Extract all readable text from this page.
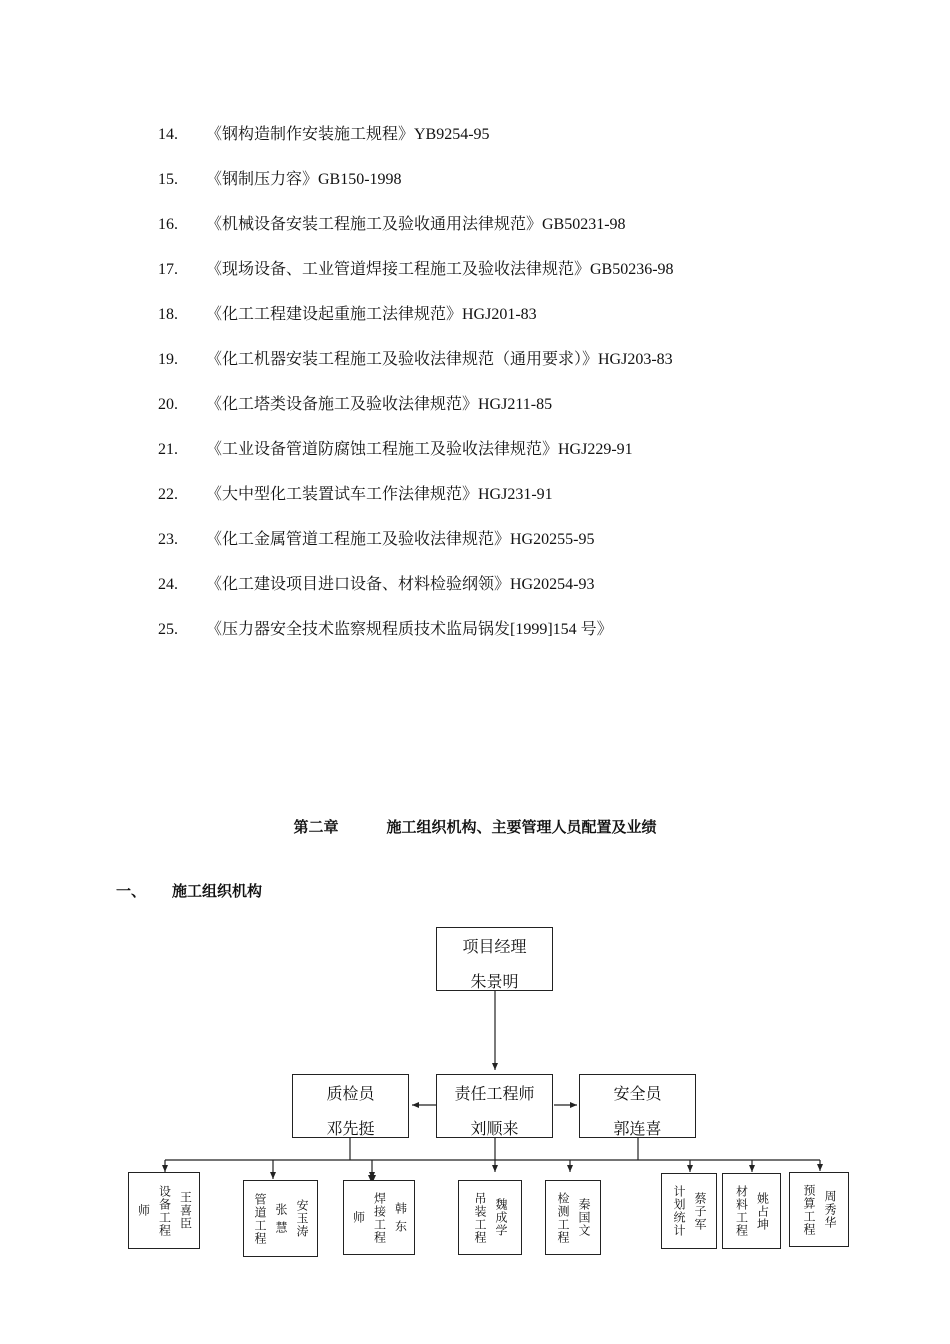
14. 《钢构造制作安装施工规程》YB9254-95
15. 《钢制压力容》GB150-1998
16. 《机械设备安装工程施工及验收通用法律规范》GB50231-98
17. 《现场设备、工业管道焊接工程施工及验收法律规范》GB50236-98
18. 《化工工程建设起重施工法律规范》HGJ201-83
19. 《化工机器安装工程施工及验收法律规范（通用要求）》HGJ203-83
20. 《化工塔类设备施工及验收法律规范》HGJ211-85
21. 《工业设备管道防腐蚀工程施工及验收法律规范》HGJ229-91
22. 《大中型化工装置试车工作法律规范》HGJ231-91
23. 《化工金属管道工程施工及验收法律规范》HG20255-95
24. 《化工建设项目进口设备、材料检验纲领》HG20254-93
25. 《压力器安全技术监察规程质技术监局锅发[1999]154 号》
第二章	施工组织机构、主要管理人员配置及业绩
一、 施工组织机构
项目经理
朱景明
质检员
邓先挺
责任工程师
刘顺来
安全员
郭连喜
王喜臣
设备工程
师	安玉涛
张 慧
管道工程	韩 东
焊接工程
师	魏成学
吊装工程	秦国文
检测工程	蔡子军
计划统计	姚占坤
材料工程	周秀华
预算工程
